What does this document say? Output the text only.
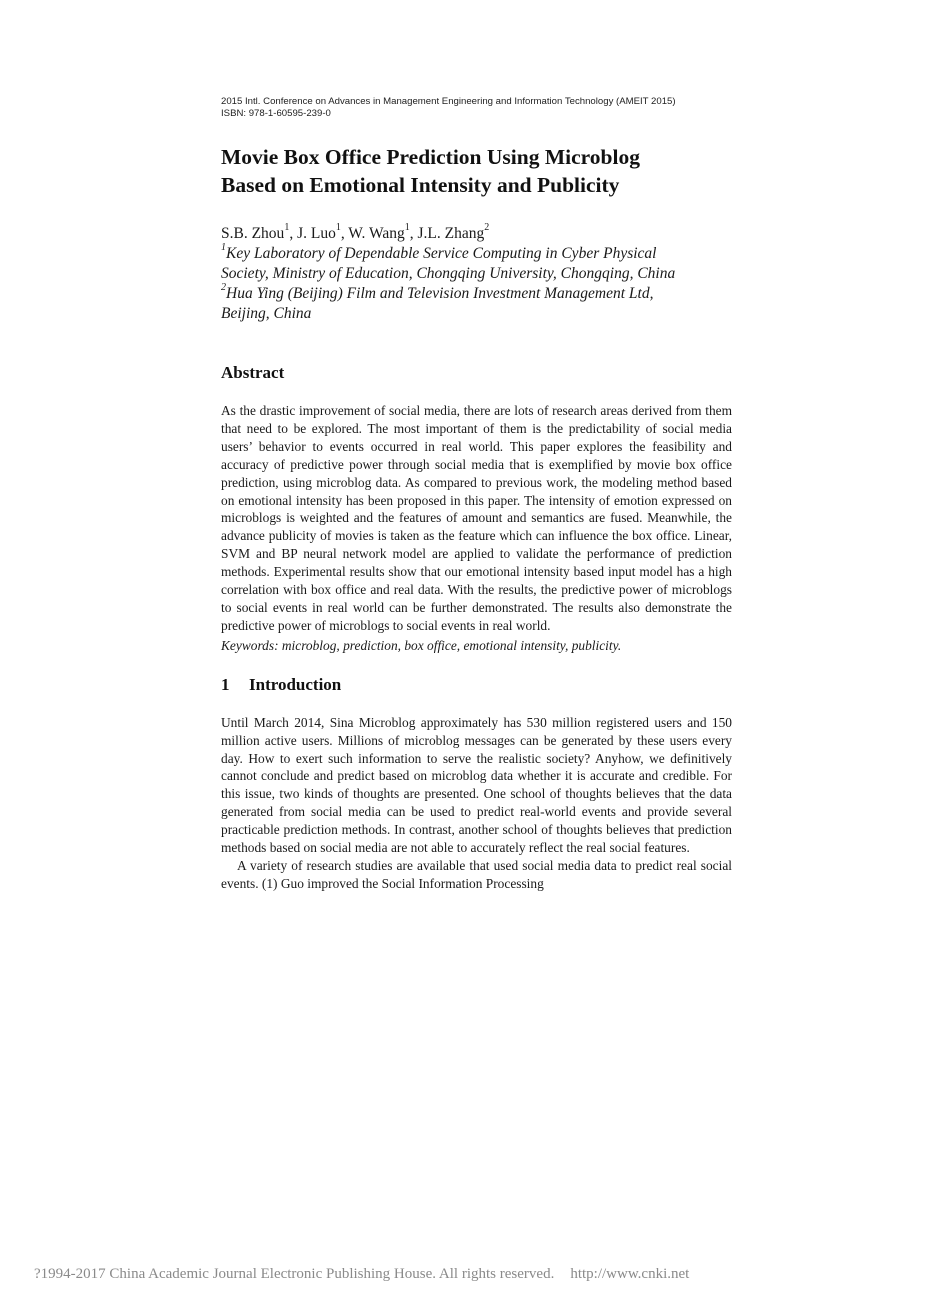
2015 Intl. Conference on Advances in Management Engineering and Information Technology (AMEIT 2015)

ISBN: 978-1-60595-239-0

Movie Box Office Prediction Using Microblog
Based on Emotional Intensity and Publicity
S.B. Zhou$^1$, J. Luo$^1$, W. Wang$^1$, J.L. Zhang$^2$
$^1$Key Laboratory of Dependable Service Computing in Cyber Physical
Society, Ministry of Education, Chongqing University, Chongqing, China
$^2$Hua Ying (Beijing) Film and Television Investment Management Ltd,
Beijing, China
Abstract

As the drastic improvement of social media, there are lots of research areas derived from them that need to be explored. The most important of them is the predictability of social media users’ behavior to events occurred in real world. This paper explores the feasibility and accuracy of predictive power through social media that is exemplified by movie box office prediction, using microblog data. As compared to previous work, the modeling method based on emotional intensity has been proposed in this paper. The intensity of emotion expressed on microblogs is weighted and the features of amount and semantics are fused. Meanwhile, the advance publicity of movies is taken as the feature which can influence the box office. Linear, SVM and BP neural network model are applied to validate the performance of prediction methods. Experimental results show that our emotional intensity based input model has a high correlation with box office and real data. With the results, the predictive power of microblogs to social events in real world can be further demonstrated. The results also demonstrate the predictive power of microblogs to social events in real world.

Keywords: microblog, prediction, box office, emotional intensity, publicity.

1 Introduction

Until March 2014, Sina Microblog approximately has 530 million registered users and 150 million active users. Millions of microblog messages can be generated by these users every day. How to exert such information to serve the realistic society? Anyhow, we definitively cannot conclude and predict based on microblog data whether it is accurate and credible. For this issue, two kinds of thoughts are presented. One school of thoughts believes that the data generated from social media can be used to predict real-world events and provide several practicable prediction methods. In contrast, another school of thoughts believes that prediction methods based on social media are not able to accurately reflect the real social features.

A variety of research studies are available that used social media data to predict real social events. (1) Guo improved the Social Information Processing

?1994-2017 China Academic Journal Electronic Publishing House. All rights reserved. http://www.cnki.net
